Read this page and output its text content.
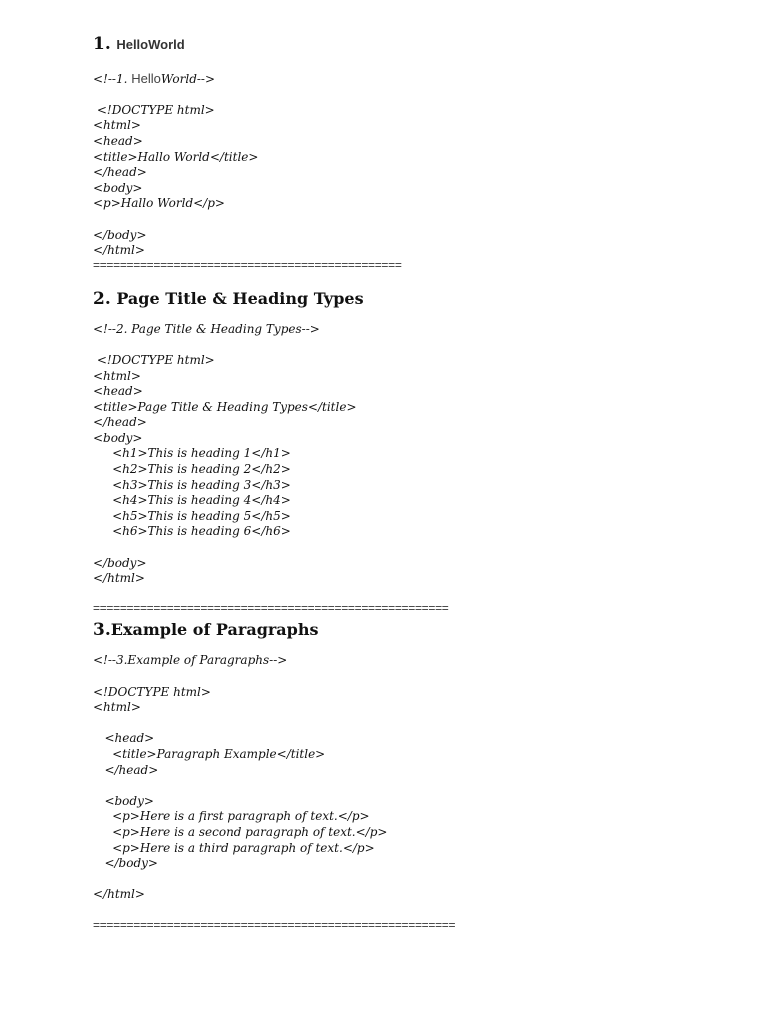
1. HelloWorld

<!--1. HelloWorld-->

<!DOCTYPE html>

<html>

<head>

<title>Hallo World</title>

</head>

<body>

<p>Hallo World</p>

</body>

</html>

==============================================

2. Page Title & Heading Types

<!--2. Page Title & Heading Types-->

<!DOCTYPE html>

<html>

<head>

<title>Page Title & Heading Types</title>

</head>

<body>

<h1>This is heading 1</h1>

<h2>This is heading 2</h2>

<h3>This is heading 3</h3>

<h4>This is heading 4</h4>

<h5>This is heading 5</h5>

<h6>This is heading 6</h6>

</body>

</html>

=====================================================

3.Example of Paragraphs

<!--3.Example of Paragraphs-->

<!DOCTYPE html>

<html>

<head>

<title>Paragraph Example</title>

</head>

<body>

<p>Here is a first paragraph of text.</p>

<p>Here is a second paragraph of text.</p>

<p>Here is a third paragraph of text.</p>

</body>

</html>

======================================================
